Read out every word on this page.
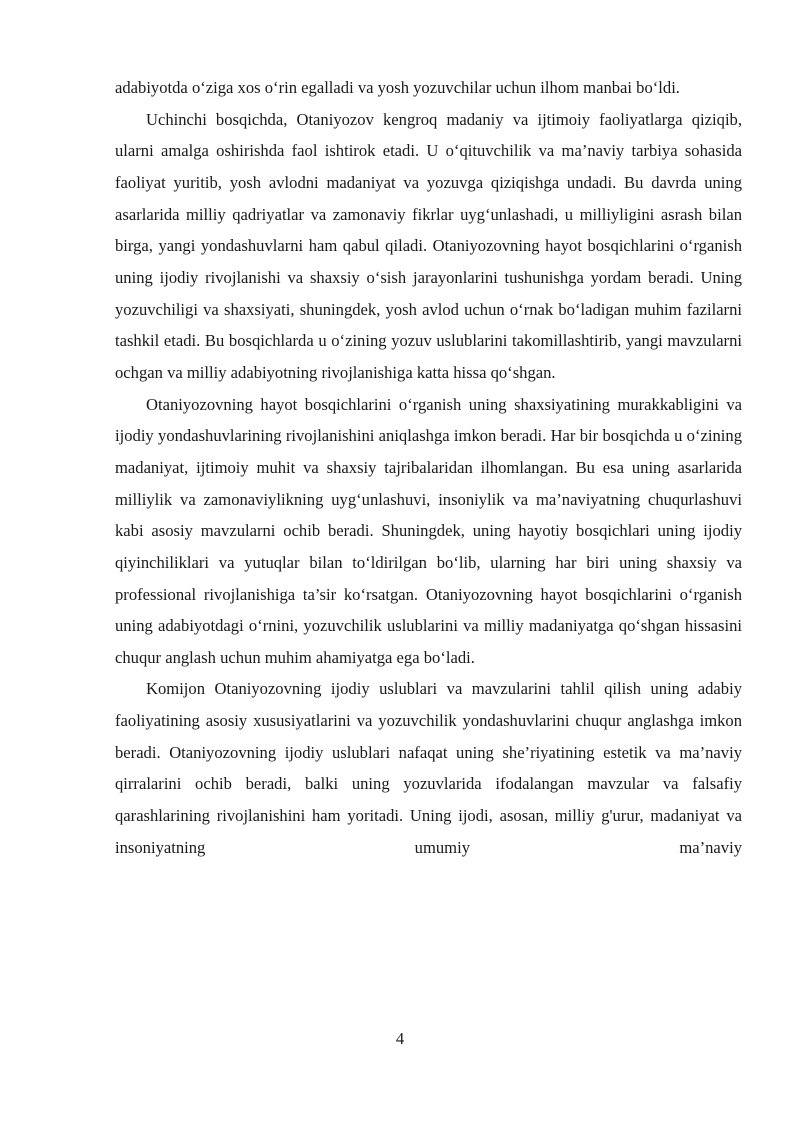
adabiyotda o‘ziga xos o‘rin egalladi va yosh yozuvchilar uchun ilhom manbai bo‘ldi.

Uchinchi bosqichda, Otaniyozov kengroq madaniy va ijtimoiy faoliyatlarga qiziqib, ularni amalga oshirishda faol ishtirok etadi. U o‘qituvchilik va ma’naviy tarbiya sohasida faoliyat yuritib, yosh avlodni madaniyat va yozuvga qiziqishga undadi. Bu davrda uning asarlarida milliy qadriyatlar va zamonaviy fikrlar uyg‘unlashadi, u milliyligini asrash bilan birga, yangi yondashuvlarni ham qabul qiladi. Otaniyozovning hayot bosqichlarini o‘rganish uning ijodiy rivojlanishi va shaxsiy o‘sish jarayonlarini tushunishga yordam beradi. Uning yozuvchiligi va shaxsiyati, shuningdek, yosh avlod uchun o‘rnak bo‘ladigan muhim fazilarni tashkil etadi. Bu bosqichlarda u o‘zining yozuv uslublarini takomillashtirib, yangi mavzularni ochgan va milliy adabiyotning rivojlanishiga katta hissa qo‘shgan.

Otaniyozovning hayot bosqichlarini o‘rganish uning shaxsiyatining murakkabligini va ijodiy yondashuvlarining rivojlanishini aniqlashga imkon beradi. Har bir bosqichda u o‘zining madaniyat, ijtimoiy muhit va shaxsiy tajribalaridan ilhomlangan. Bu esa uning asarlarida milliylik va zamonaviylikning uyg‘unlashuvi, insoniylik va ma’naviyatning chuqurlashuvi kabi asosiy mavzularni ochib beradi. Shuningdek, uning hayotiy bosqichlari uning ijodiy qiyinchiliklari va yutuqlar bilan to‘ldirilgan bo‘lib, ularning har biri uning shaxsiy va professional rivojlanishiga ta’sir ko‘rsatgan. Otaniyozovning hayot bosqichlarini o‘rganish uning adabiyotdagi o‘rnini, yozuvchilik uslublarini va milliy madaniyatga qo‘shgan hissasini chuqur anglash uchun muhim ahamiyatga ega bo‘ladi.

Komijon Otaniyozovning ijodiy uslublari va mavzularini tahlil qilish uning adabiy faoliyatining asosiy xususiyatlarini va yozuvchilik yondashuvlarini chuqur anglashga imkon beradi. Otaniyozovning ijodiy uslublari nafaqat uning she’riyatining estetik va ma’naviy qirralarini ochib beradi, balki uning yozuvlarida ifodalangan mavzular va falsafiy qarashlarining rivojlanishini ham yoritadi. Uning ijodi, asosan, milliy g'urur, madaniyat va insoniyatning umumiy ma’naviy

4
